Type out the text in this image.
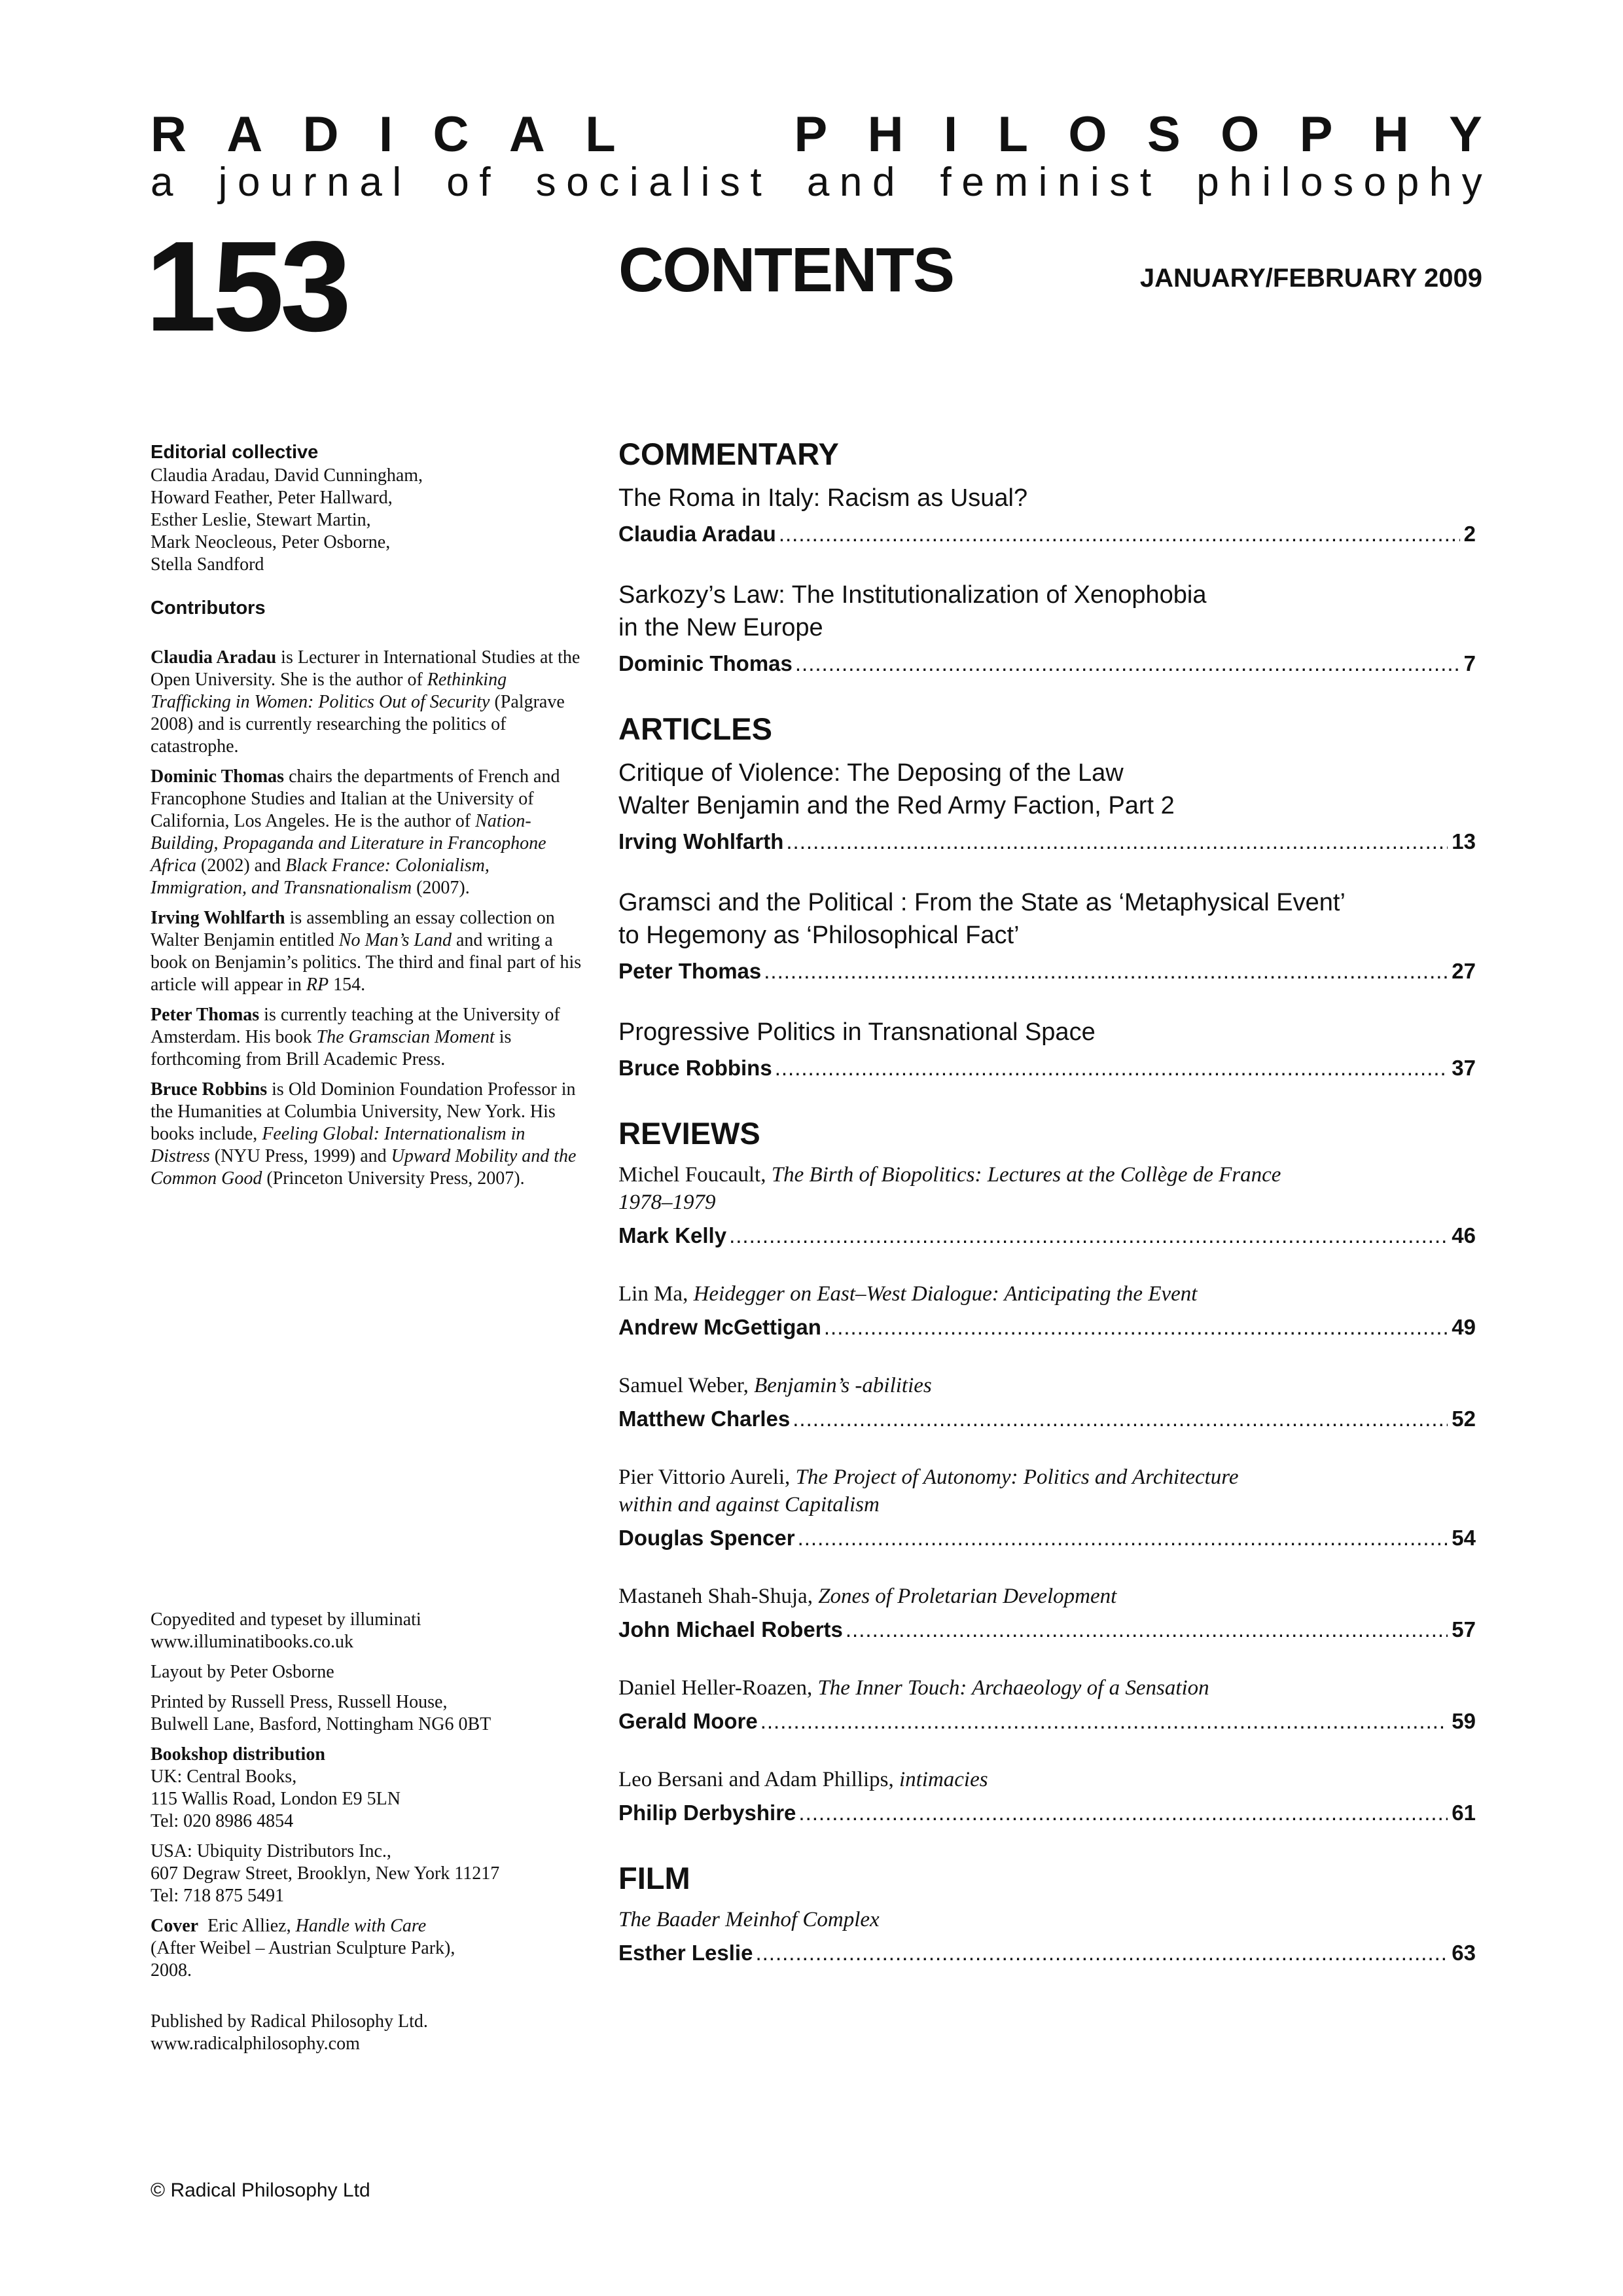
R A D I C A L	P H I L O S O P H Y
a j o u r n a l o f s o c i a l i s t a n d f e m i n i s t p h i l o s o p h y
153	CONTENTS	JANUARY/FEBRUARY 2009
Editorial collective
Claudia Aradau, David Cunningham,
Howard Feather, Peter Hallward,
Esther Leslie, Stewart Martin,
Mark Neocleous, Peter Osborne,
Stella Sandford
Contributors

Claudia Aradau is Lecturer in International Studies at the Open University. She is the author of Rethinking Trafficking in Women: Politics Out of Security (Palgrave 2008) and is currently researching the politics of catastrophe.

Dominic Thomas chairs the departments of French and Francophone Studies and Italian at the University of California, Los Angeles. He is the author of Nation-Building, Propaganda and Literature in Francophone Africa (2002) and Black France: Colonialism, Immigration, and Transnationalism (2007).

Irving Wohlfarth is assembling an essay collection on Walter Benjamin entitled No Man’s Land and writing a book on Benjamin’s politics. The third and final part of his article will appear in RP 154.

Peter Thomas is currently teaching at the University of Amsterdam. His book The Gramscian Moment is forthcoming from Brill Academic Press.

Bruce Robbins is Old Dominion Foundation Professor in the Humanities at Columbia University, New York. His books include, Feeling Global: Internationalism in Distress (NYU Press, 1999) and Upward Mobility and the Common Good (Princeton University Press, 2007).

Copyedited and typeset by illuminati
www.illuminatibooks.co.uk
Layout by Peter Osborne
Printed by Russell Press, Russell House,
Bulwell Lane, Basford, Nottingham NG6 0BT
Bookshop distribution
UK: Central Books,
115 Wallis Road, London E9 5LN
Tel: 020 8986 4854
USA: Ubiquity Distributors Inc.,
607 Degraw Street, Brooklyn, New York 11217
Tel: 718 875 5491
Cover Eric Alliez, Handle with Care
(After Weibel – Austrian Sculpture Park),
2008.
Published by Radical Philosophy Ltd.
www.radicalphilosophy.com
© Radical Philosophy Ltd
COMMENTARY
The Roma in Italy: Racism as Usual?
Claudia Aradau .....	2
Sarkozy’s Law: The Institutionalization of Xenophobia
in the New Europe
Dominic Thomas .....	7
ARTICLES
Critique of Violence: The Deposing of the Law
Walter Benjamin and the Red Army Faction, Part 2
Irving Wohlfarth .....	13
Gramsci and the Political : From the State as ‘Metaphysical Event’
to Hegemony as ‘Philosophical Fact’
Peter Thomas .....	27
Progressive Politics in Transnational Space
Bruce Robbins .....	37
REVIEWS
Michel Foucault, The Birth of Biopolitics: Lectures at the Collège de France
1978–1979
Mark Kelly .....	46
Lin Ma, Heidegger on East–West Dialogue: Anticipating the Event
Andrew McGettigan .....	49
Samuel Weber, Benjamin’s -abilities
Matthew Charles .....	52
Pier Vittorio Aureli, The Project of Autonomy: Politics and Architecture
within and against Capitalism
Douglas Spencer .....	54
Mastaneh Shah-Shuja, Zones of Proletarian Development
John Michael Roberts .....	57
Daniel Heller-Roazen, The Inner Touch: Archaeology of a Sensation
Gerald Moore .....	59
Leo Bersani and Adam Phillips, intimacies
Philip Derbyshire .....	61
FILM
The Baader Meinhof Complex
Esther Leslie .....	63
